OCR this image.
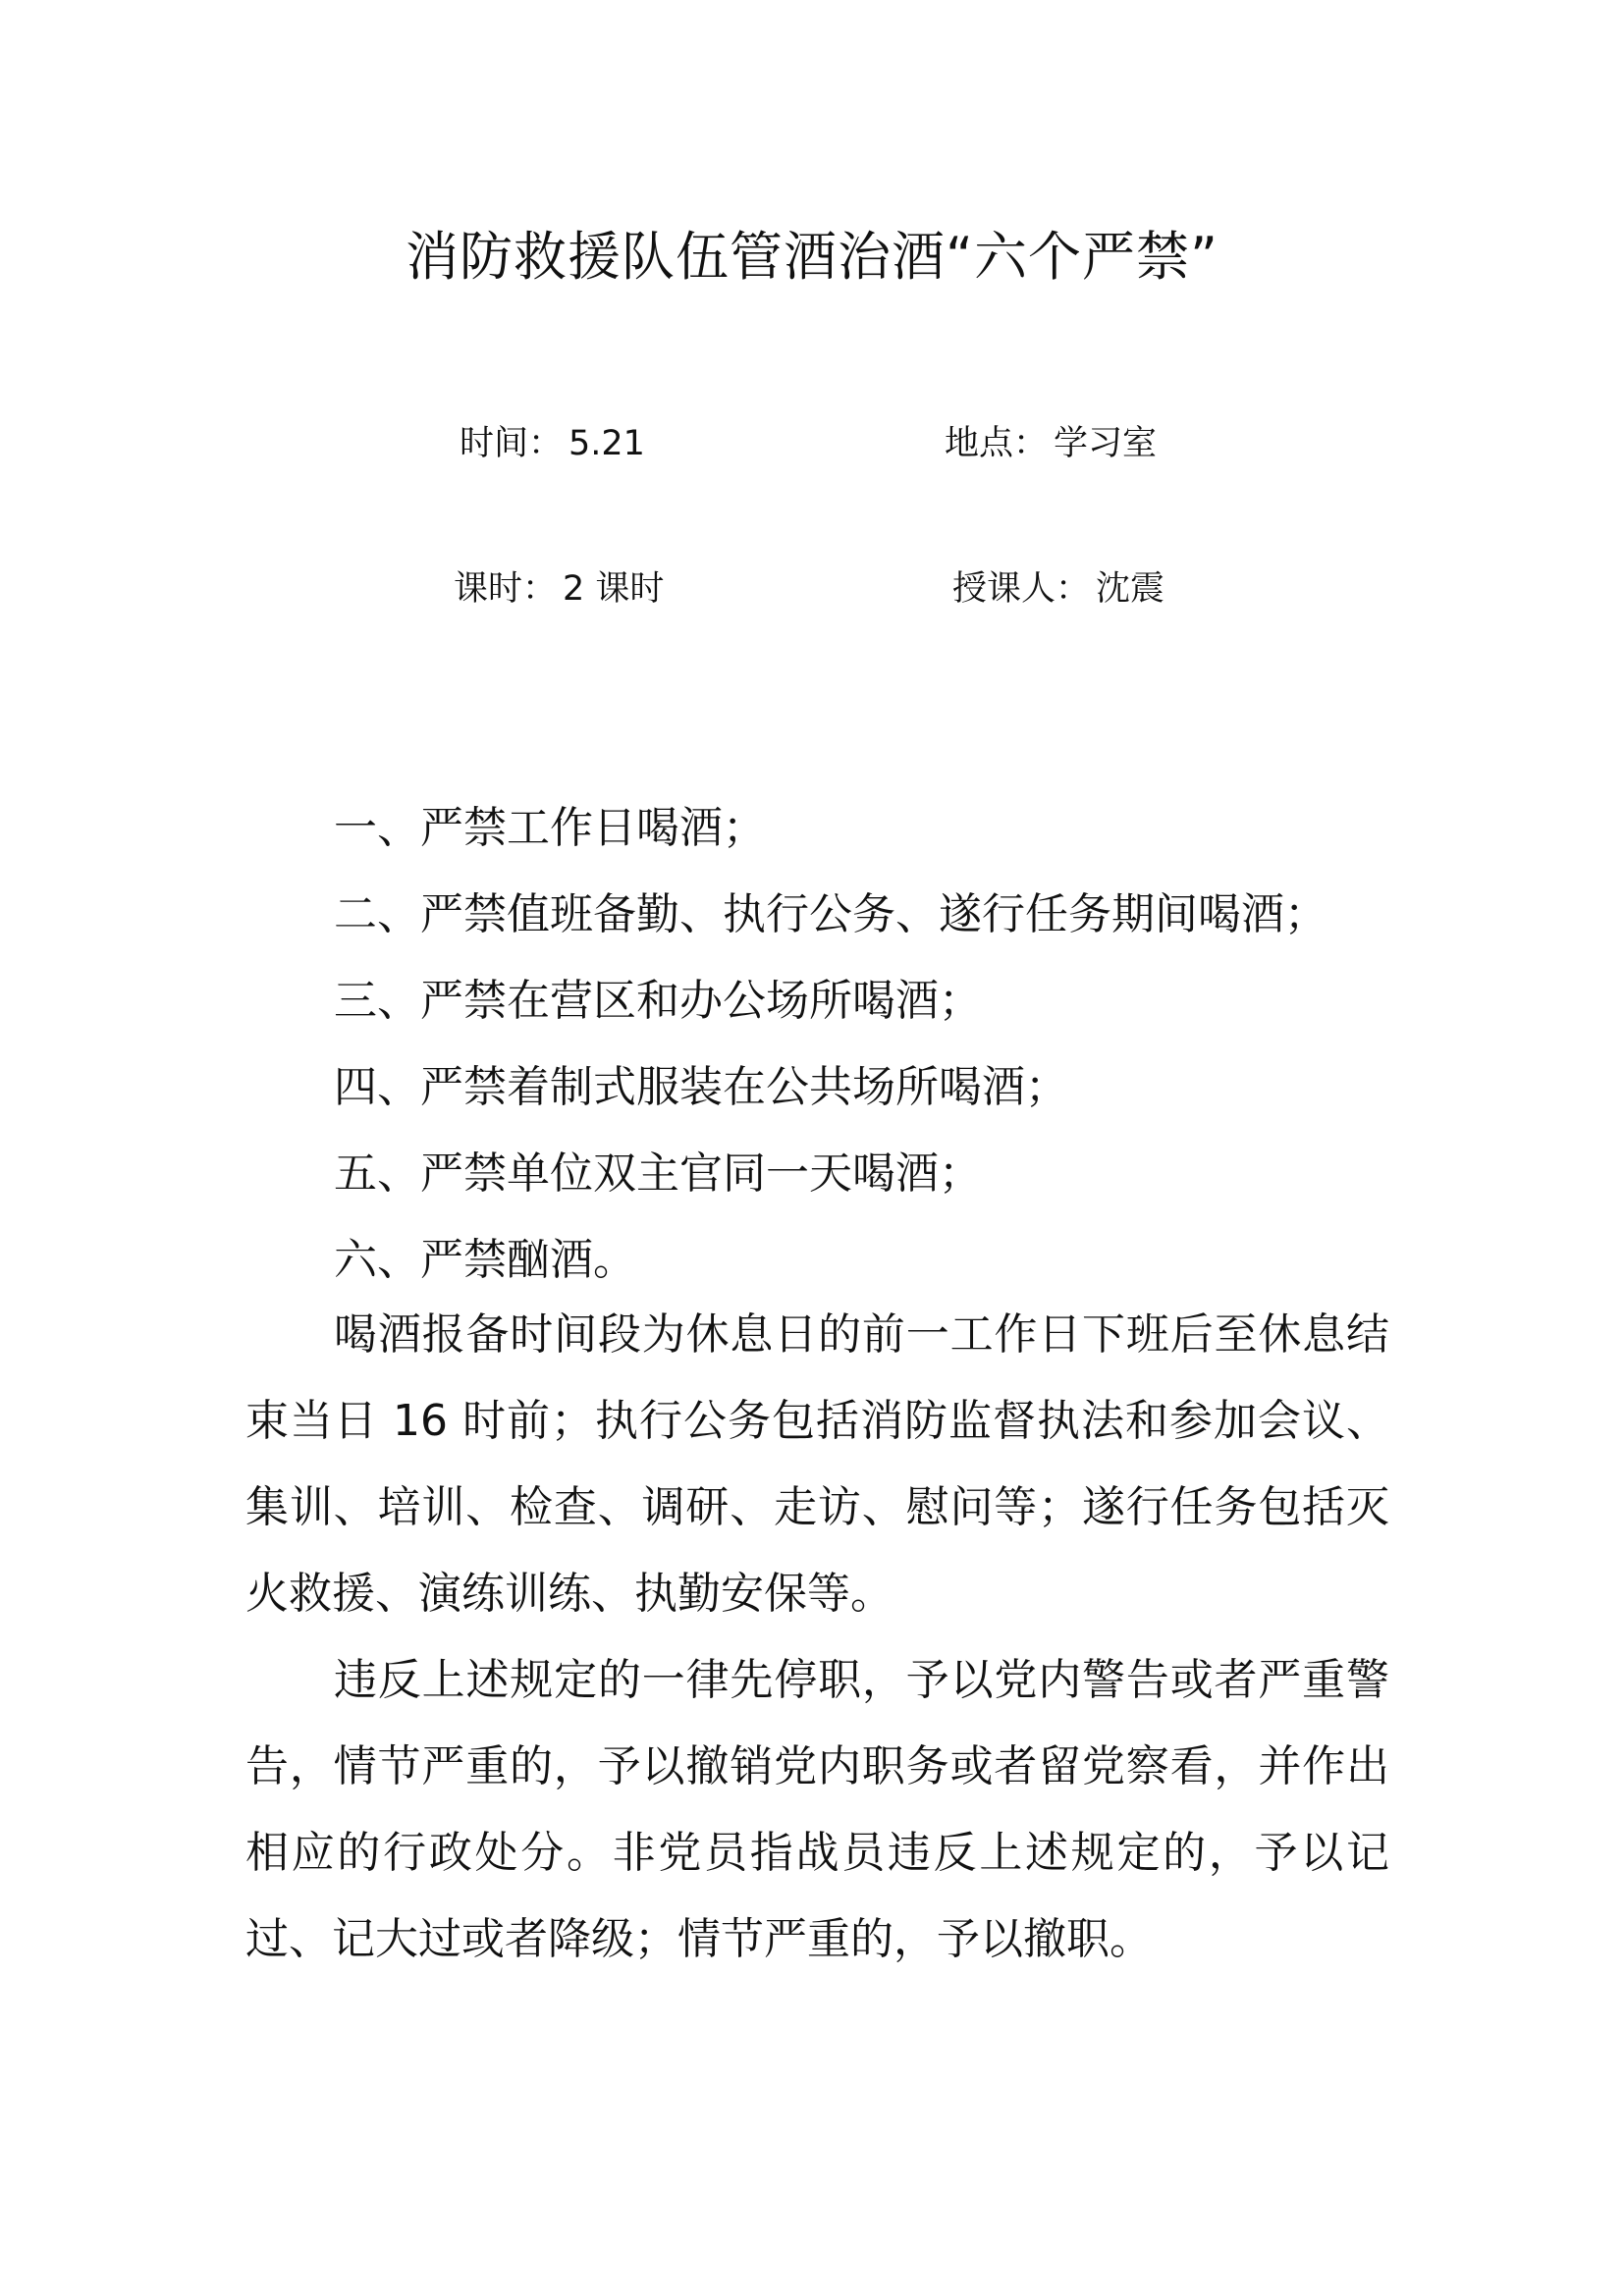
消防救援队伍管酒治酒“六个严禁”
时间： 5.21	地点： 学习室
课时： 2 课时	授课人： 沈震
一、严禁工作日喝酒；
二、严禁值班备勤、执行公务、遂行任务期间喝酒；
三、严禁在营区和办公场所喝酒；
四、严禁着制式服装在公共场所喝酒；
五、严禁单位双主官同一天喝酒；
六、严禁酗酒。

喝酒报备时间段为休息日的前一工作日下班后至休息结束当日 16 时前；执行公务包括消防监督执法和参加会议、集训、培训、检查、调研、走访、慰问等；遂行任务包括灭火救援、演练训练、执勤安保等。

违反上述规定的一律先停职，予以党内警告或者严重警告，情节严重的，予以撤销党内职务或者留党察看，并作出相应的行政处分。非党员指战员违反上述规定的，予以记过、记大过或者降级；情节严重的，予以撤职。
